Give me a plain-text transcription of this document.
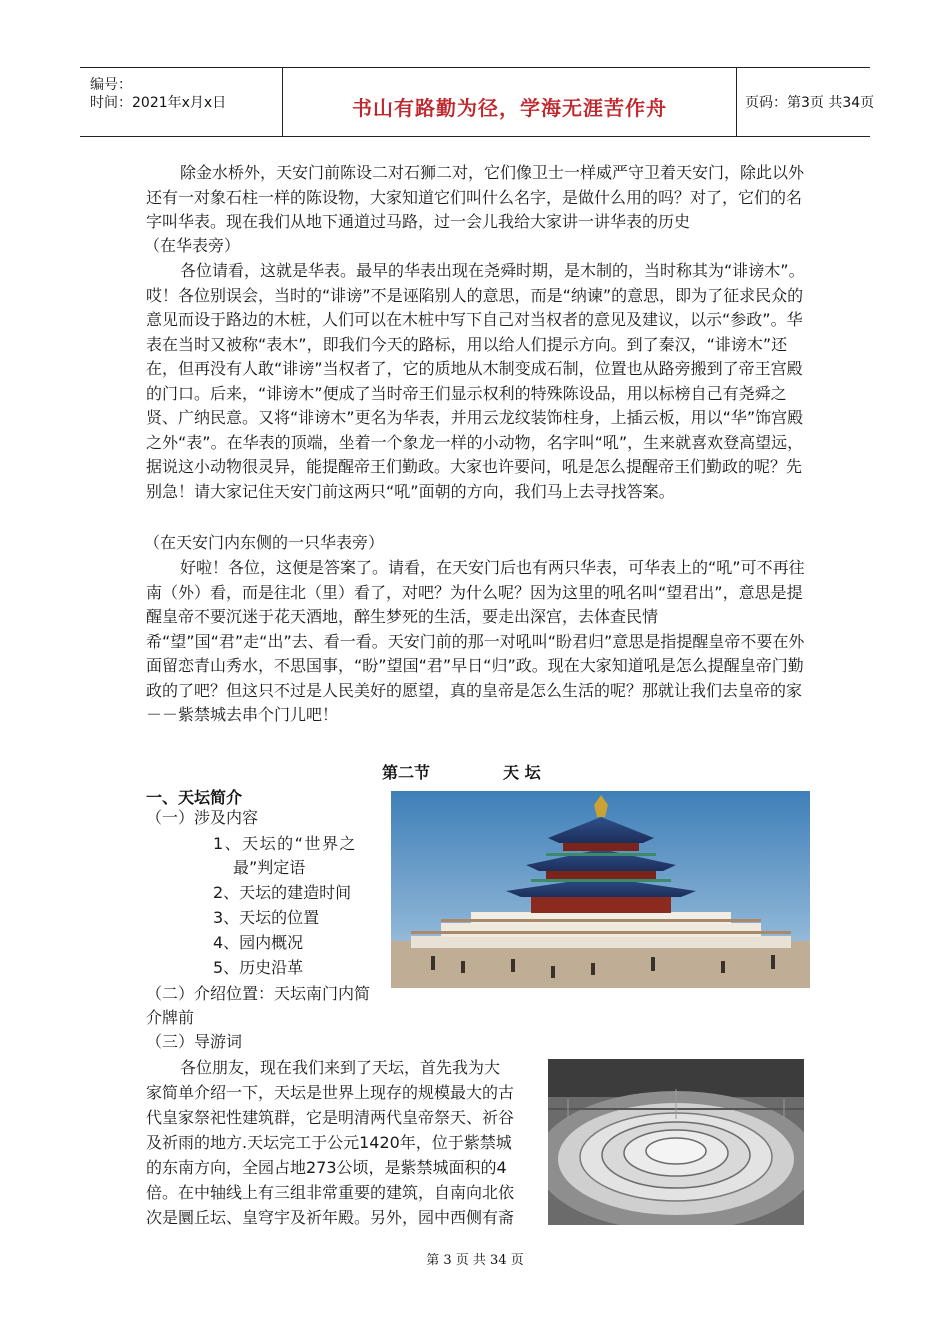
编号：
时间：2021年x月x日	书山有路勤为径，学海无涯苦作舟	页码：第3页 共34页
除金水桥外，天安门前陈设二对石狮二对，它们像卫士一样威严守卫着天安门，除此以外还有一对象石柱一样的陈设物，大家知道它们叫什么名字，是做什么用的吗？对了，它们的名字叫华表。现在我们从地下通道过马路，过一会儿我给大家讲一讲华表的历史
（在华表旁）
各位请看，这就是华表。最早的华表出现在尧舜时期，是木制的，当时称其为“诽谤木”。哎！各位别误会，当时的“诽谤”不是诬陷别人的意思，而是“纳谏”的意思，即为了征求民众的意见而设于路边的木桩，人们可以在木桩中写下自己对当权者的意见及建议，以示“参政”。华表在当时又被称“表木”，即我们今天的路标，用以给人们提示方向。到了秦汉，“诽谤木”还在，但再没有人敢“诽谤”当权者了，它的质地从木制变成石制，位置也从路旁搬到了帝王宫殿的门口。后来，“诽谤木”便成了当时帝王们显示权利的特殊陈设品，用以标榜自己有尧舜之贤、广纳民意。又将“诽谤木”更名为华表，并用云龙纹装饰柱身，上插云板，用以“华”饰宫殿之外“表”。在华表的顶端，坐着一个象龙一样的小动物，名字叫“吼”，生来就喜欢登高望远，据说这小动物很灵异，能提醒帝王们勤政。大家也许要问，吼是怎么提醒帝王们勤政的呢？先别急！请大家记住天安门前这两只“吼”面朝的方向，我们马上去寻找答案。
（在天安门内东侧的一只华表旁）
好啦！各位，这便是答案了。请看，在天安门后也有两只华表，可华表上的“吼”可不再往南（外）看，而是往北（里）看了，对吧？为什么呢？因为这里的吼名叫“望君出”，意思是提醒皇帝不要沉迷于花天酒地，醉生梦死的生活，要走出深宫，去体查民情希“望”国“君”走“出”去、看一看。天安门前的那一对吼叫“盼君归”意思是指提醒皇帝不要在外面留恋青山秀水，不思国事，“盼”望国“君”早日“归”政。现在大家知道吼是怎么提醒皇帝门勤政的了吧？但这只不过是人民美好的愿望，真的皇帝是怎么生活的呢？那就让我们去皇帝的家－－紫禁城去串个门儿吧！
第二节	天 坛
一、天坛简介
（一）涉及内容
1、天坛的“世界之
最”判定语
2、天坛的建造时间
3、天坛的位置
4、园内概况
5、历史沿革
（二）介绍位置：天坛南门内简
介牌前
（三）导游词
各位朋友，现在我们来到了天坛，首先我为大
家简单介绍一下，天坛是世界上现存的规模最大的古
代皇家祭祀性建筑群，它是明清两代皇帝祭天、祈谷
及祈雨的地方.天坛完工于公元1420年，位于紫禁城
的东南方向，全园占地273公顷，是紫禁城面积的4
倍。在中轴线上有三组非常重要的建筑，自南向北依
次是圜丘坛、皇穹宇及祈年殿。另外，园中西侧有斋
第 3 页 共 34 页
